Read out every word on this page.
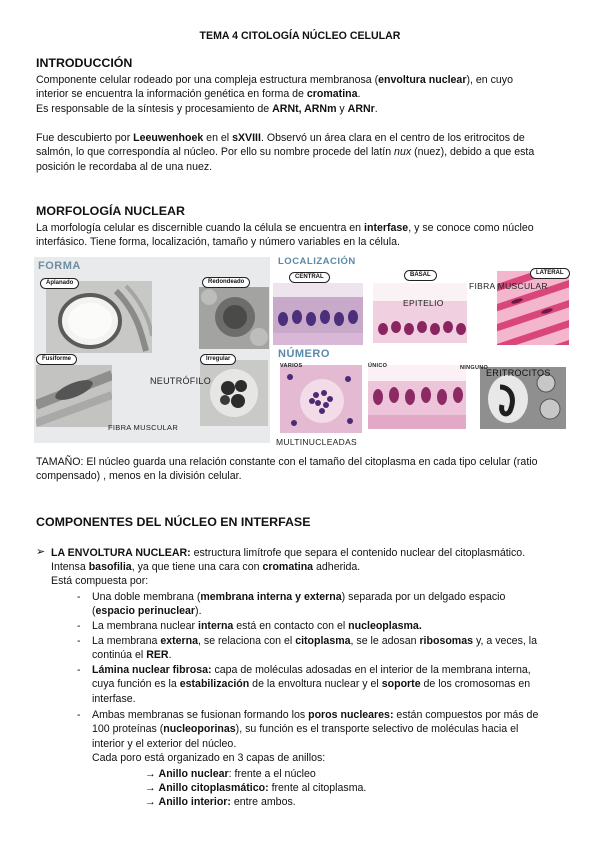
TEMA 4 CITOLOGÍA NÚCLEO CELULAR
INTRODUCCIÓN
Componente celular rodeado por una compleja estructura membranosa (envoltura nuclear), en cuyo
interior se encuentra la información genética en forma de cromatina.
Es responsable de la síntesis y procesamiento de ARNt, ARNm y ARNr.
Fue descubierto por Leeuwenhoek en el sXVIII. Observó un área clara en el centro de los eritrocitos de
salmón, lo que correspondía al núcleo. Por ello su nombre procede del latín nux (nuez), debido a que esta
posición le recordaba al de una nuez.
MORFOLOGÍA NUCLEAR
La morfología celular es discernible cuando la célula se encuentra en interfase, y se conoce como núcleo
interfásico. Tiene forma, localización, tamaño y número variables en la célula.
FORMA	LOCALIZACIÓN
NÚMERO
Aplanado	Redondeado
Fusiforme	Irregular
CENTRAL	BASAL	LATERAL
VARIOS	ÚNICO	NINGUNO
NEUTRÓFILO
FIBRA MUSCULAR
FIBRA MUSCULAR
EPITELIO
ERITROCITOS
MULTINUCLEADAS
TAMAÑO: El núcleo guarda una relación constante con el tamaño del citoplasma en cada tipo celular (ratio
compensado) , menos en la división celular.
COMPONENTES DEL NÚCLEO EN INTERFASE
➢ LA ENVOLTURA NUCLEAR: estructura limítrofe que separa el contenido nuclear del citoplasmático.
Intensa basofilia, ya que tiene una cara con cromatina adherida.
Está compuesta por:
- Una doble membrana (membrana interna y externa) separada por un delgado espacio
(espacio perinuclear).
- La membrana nuclear interna está en contacto con el nucleoplasma.
- La membrana externa, se relaciona con el citoplasma, se le adosan ribosomas y, a veces, la
continúa el RER.
- Lámina nuclear fibrosa: capa de moléculas adosadas en el interior de la membrana interna,
cuya función es la estabilización de la envoltura nuclear y el soporte de los cromosomas en
interfase.
- Ambas membranas se fusionan formando los poros nucleares: están compuestos por más de
100 proteínas (nucleoporinas), su función es el transporte selectivo de moléculas hacia el
interior y el exterior del núcleo.
Cada poro está organizado en 3 capas de anillos:
→ Anillo nuclear: frente a el núcleo
→ Anillo citoplasmático: frente al citoplasma.
→ Anillo interior: entre ambos.
